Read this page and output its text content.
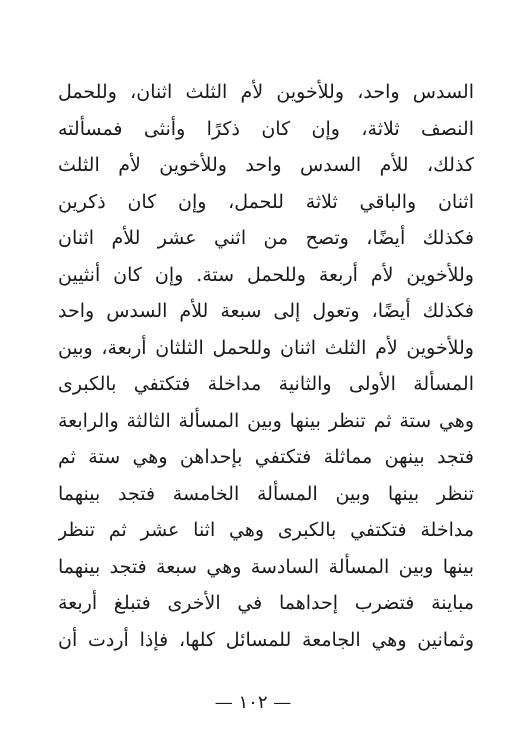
السدس واحد، وللأخوين لأم الثلث اثنان، وللحمل
النصف ثلاثة، وإن كان ذكرًا وأنثى فمسألته
كذلك، للأم السدس واحد وللأخوين لأم الثلث
اثنان والباقي ثلاثة للحمل، وإن كان ذكرين
فكذلك أيضًا، وتصح من اثني عشر للأم اثنان
وللأخوين لأم أربعة وللحمل ستة. وإن كان أنثيين
فكذلك أيضًا، وتعول إلى سبعة للأم السدس واحد
وللأخوين لأم الثلث اثنان وللحمل الثلثان أربعة، وبين
المسألة الأولى والثانية مداخلة فتكتفي بالكبرى
وهي ستة ثم تنظر بينها وبين المسألة الثالثة والرابعة
فتجد بينهن مماثلة فتكتفي بإحداهن وهي ستة ثم
تنظر بينها وبين المسألة الخامسة فتجد بينهما
مداخلة فتكتفي بالكبرى وهي اثنا عشر ثم تنظر
بينها وبين المسألة السادسة وهي سبعة فتجد بينهما
مباينة فتضرب إحداهما في الأخرى فتبلغ أربعة
وثمانين وهي الجامعة للمسائل كلها، فإذا أردت أن
— ١٠٢ —
